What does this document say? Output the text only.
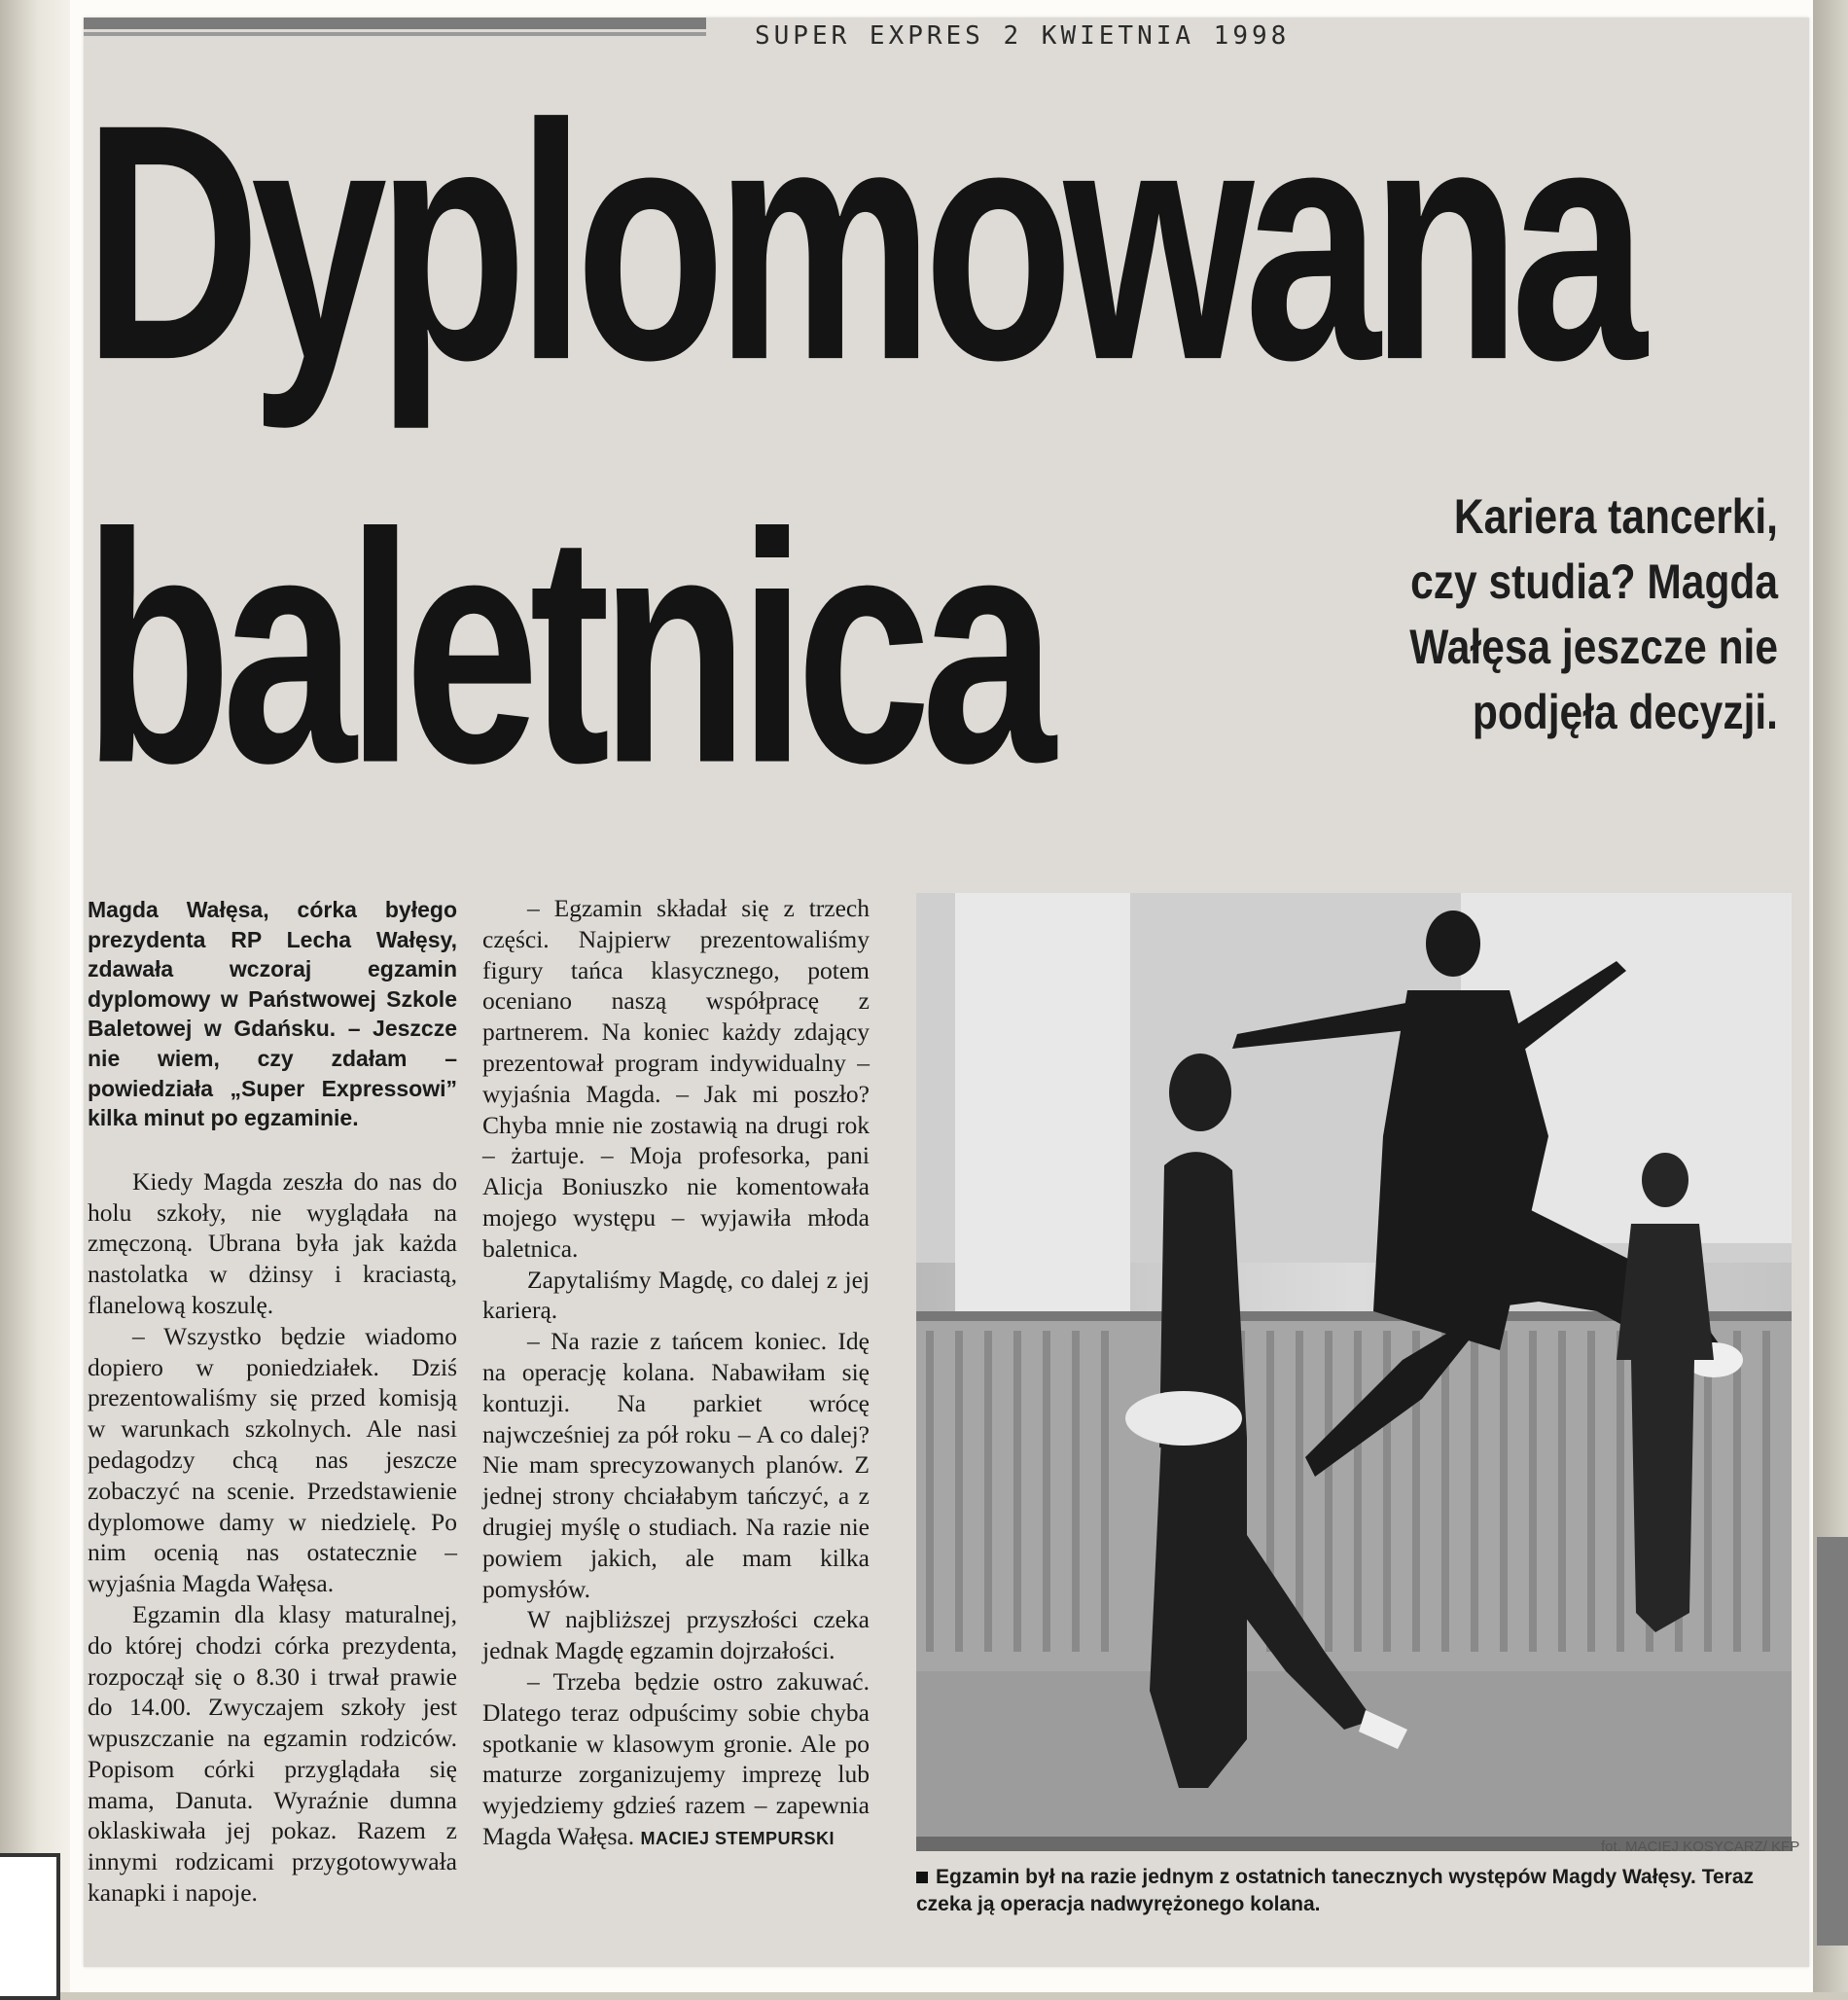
SUPER EXPRES 2 KWIETNIA 1998
Dyplomowana
baletnica	Kariera tancerki, czy studia? Magda Wałęsa jeszcze nie podjęła decyzji.

Magda Wałęsa, córka byłego prezydenta RP Lecha Wałęsy, zdawała wczoraj egzamin dyplomowy w Państwowej Szkole Baletowej w Gdańsku. – Jeszcze nie wiem, czy zdałam – powiedziała „Super Expressowi” kilka minut po egzaminie.

Kiedy Magda zeszła do nas do holu szkoły, nie wyglądała na zmęczoną. Ubrana była jak każda nastolatka w dżinsy i kraciastą, flanelową koszulę.

– Wszystko będzie wiadomo dopiero w poniedziałek. Dziś prezentowaliśmy się przed komisją w warunkach szkolnych. Ale nasi pedagodzy chcą nas jeszcze zobaczyć na scenie. Przedstawienie dyplomowe damy w niedzielę. Po nim ocenią nas ostatecznie – wyjaśnia Magda Wałęsa.

Egzamin dla klasy maturalnej, do której chodzi córka prezydenta, rozpoczął się o 8.30 i trwał prawie do 14.00. Zwyczajem szkoły jest wpuszczanie na egzamin rodziców. Popisom córki przyglądała się mama, Danuta. Wyraźnie dumna oklaskiwała jej pokaz. Razem z innymi rodzicami przygotowywała kanapki i napoje.

– Egzamin składał się z trzech części. Najpierw prezentowaliśmy figury tańca klasycznego, potem oceniano naszą współpracę z partnerem. Na koniec każdy zdający prezentował program indywidualny – wyjaśnia Magda. – Jak mi poszło? Chyba mnie nie zostawią na drugi rok – żartuje. – Moja profesorka, pani Alicja Boniuszko nie komentowała mojego występu – wyjawiła młoda baletnica.

Zapytaliśmy Magdę, co dalej z jej karierą.

– Na razie z tańcem koniec. Idę na operację kolana. Nabawiłam się kontuzji. Na parkiet wrócę najwcześniej za pół roku – A co dalej? Nie mam sprecyzowanych planów. Z jednej strony chciałabym tańczyć, a z drugiej myślę o studiach. Na razie nie powiem jakich, ale mam kilka pomysłów.

W najbliższej przyszłości czeka jednak Magdę egzamin dojrzałości.

– Trzeba będzie ostro zakuwać. Dlatego teraz odpuścimy sobie chyba spotkanie w klasowym gronie. Ale po maturze zorganizujemy imprezę lub wyjedziemy gdzieś razem – zapewnia Magda Wałęsa. MACIEJ STEMPURSKI	fot. MACIEJ KOSYCARZ/ KFP
Egzamin był na razie jednym z ostatnich tanecznych występów Magdy Wałęsy. Teraz czeka ją operacja nadwyrężonego kolana.
